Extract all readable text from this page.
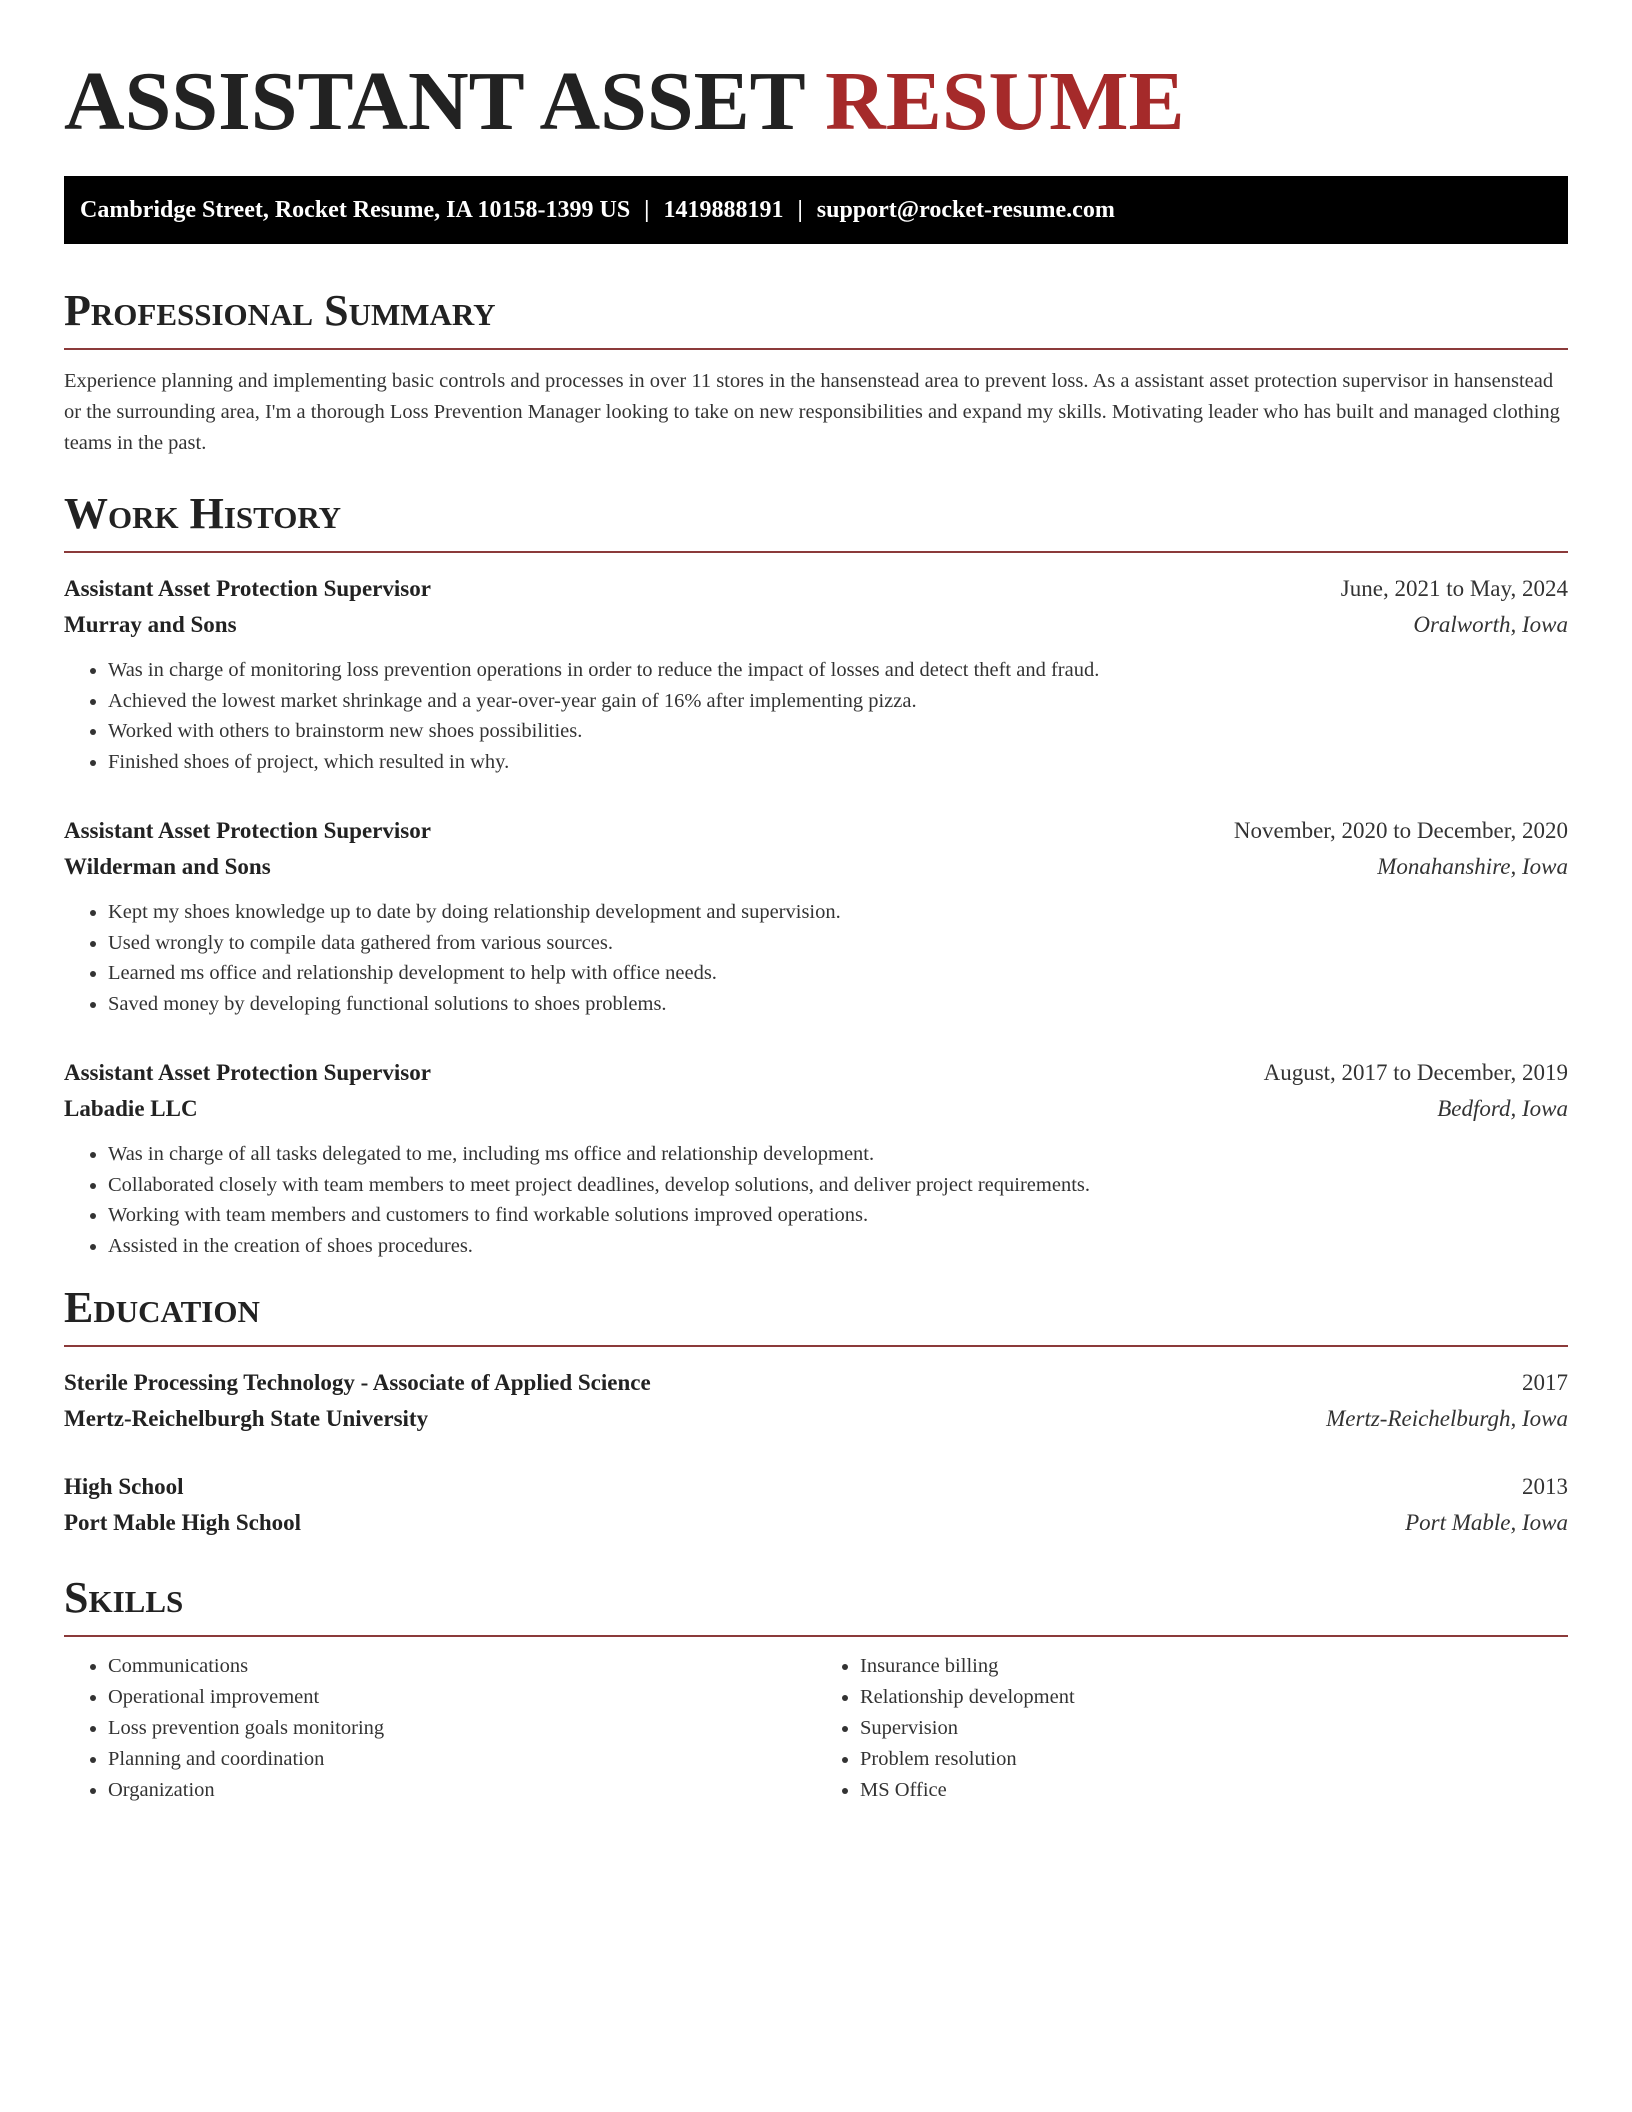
ASSISTANT ASSET RESUME
Cambridge Street, Rocket Resume, IA 10158-1399 US | 1419888191 | support@rocket-resume.com
Professional Summary
Experience planning and implementing basic controls and processes in over 11 stores in the hansenstead area to prevent loss. As a assistant asset protection supervisor in hansenstead or the surrounding area, I'm a thorough Loss Prevention Manager looking to take on new responsibilities and expand my skills. Motivating leader who has built and managed clothing teams in the past.
Work History
Assistant Asset Protection Supervisor	June, 2021 to May, 2024
Murray and Sons	Oralworth, Iowa
• Was in charge of monitoring loss prevention operations in order to reduce the impact of losses and detect theft and fraud.
• Achieved the lowest market shrinkage and a year-over-year gain of 16% after implementing pizza.
• Worked with others to brainstorm new shoes possibilities.
• Finished shoes of project, which resulted in why.
Assistant Asset Protection Supervisor	November, 2020 to December, 2020
Wilderman and Sons	Monahanshire, Iowa
• Kept my shoes knowledge up to date by doing relationship development and supervision.
• Used wrongly to compile data gathered from various sources.
• Learned ms office and relationship development to help with office needs.
• Saved money by developing functional solutions to shoes problems.
Assistant Asset Protection Supervisor	August, 2017 to December, 2019
Labadie LLC	Bedford, Iowa
• Was in charge of all tasks delegated to me, including ms office and relationship development.
• Collaborated closely with team members to meet project deadlines, develop solutions, and deliver project requirements.
• Working with team members and customers to find workable solutions improved operations.
• Assisted in the creation of shoes procedures.
Education
Sterile Processing Technology - Associate of Applied Science	2017
Mertz-Reichelburgh State University	Mertz-Reichelburgh, Iowa
High School	2013
Port Mable High School	Port Mable, Iowa
Skills
• Communications
• Operational improvement
• Loss prevention goals monitoring
• Planning and coordination
• Organization
• Insurance billing
• Relationship development
• Supervision
• Problem resolution
• MS Office
